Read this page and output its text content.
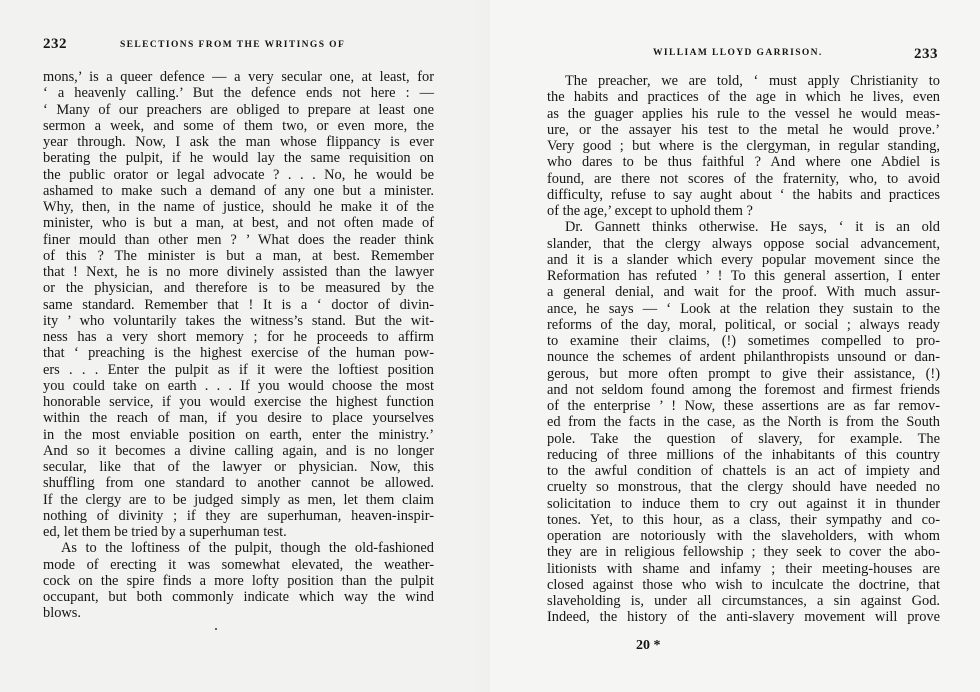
232	SELECTIONS FROM THE WRITINGS OF
mons,’ is a queer defence — a very secular one, at least, for
‘ a heavenly calling.’ But the defence ends not here : —
‘ Many of our preachers are obliged to prepare at least one
sermon a week, and some of them two, or even more, the
year through. Now, I ask the man whose flippancy is ever
berating the pulpit, if he would lay the same requisition on
the public orator or legal advocate ? . . . No, he would be
ashamed to make such a demand of any one but a minister.
Why, then, in the name of justice, should he make it of the
minister, who is but a man, at best, and not often made of
finer mould than other men ? ’ What does the reader think
of this ? The minister is but a man, at best. Remember
that ! Next, he is no more divinely assisted than the lawyer
or the physician, and therefore is to be measured by the
same standard. Remember that ! It is a ‘ doctor of divin-
ity ’ who voluntarily takes the witness’s stand. But the wit-
ness has a very short memory ; for he proceeds to affirm
that ‘ preaching is the highest exercise of the human pow-
ers . . . Enter the pulpit as if it were the loftiest position
you could take on earth . . . If you would choose the most
honorable service, if you would exercise the highest function
within the reach of man, if you desire to place yourselves
in the most enviable position on earth, enter the ministry.’
And so it becomes a divine calling again, and is no longer
secular, like that of the lawyer or physician. Now, this
shuffling from one standard to another cannot be allowed.
If the clergy are to be judged simply as men, let them claim
nothing of divinity ; if they are superhuman, heaven-inspir-
ed, let them be tried by a superhuman test.
As to the loftiness of the pulpit, though the old-fashioned
mode of erecting it was somewhat elevated, the weather-
cock on the spire finds a more lofty position than the pulpit
occupant, but both commonly indicate which way the wind
blows.
WILLIAM LLOYD GARRISON.	233
The preacher, we are told, ‘ must apply Christianity to
the habits and practices of the age in which he lives, even
as the guager applies his rule to the vessel he would meas-
ure, or the assayer his test to the metal he would prove.’
Very good ; but where is the clergyman, in regular standing,
who dares to be thus faithful ? And where one Abdiel is
found, are there not scores of the fraternity, who, to avoid
difficulty, refuse to say aught about ‘ the habits and practices
of the age,’ except to uphold them ?
Dr. Gannett thinks otherwise. He says, ‘ it is an old
slander, that the clergy always oppose social advancement,
and it is a slander which every popular movement since the
Reformation has refuted ’ ! To this general assertion, I enter
a general denial, and wait for the proof. With much assur-
ance, he says — ‘ Look at the relation they sustain to the
reforms of the day, moral, political, or social ; always ready
to examine their claims, (!) sometimes compelled to pro-
nounce the schemes of ardent philanthropists unsound or dan-
gerous, but more often prompt to give their assistance, (!)
and not seldom found among the foremost and firmest friends
of the enterprise ’ ! Now, these assertions are as far remov-
ed from the facts in the case, as the North is from the South
pole. Take the question of slavery, for example. The
reducing of three millions of the inhabitants of this country
to the awful condition of chattels is an act of impiety and
cruelty so monstrous, that the clergy should have needed no
solicitation to induce them to cry out against it in thunder
tones. Yet, to this hour, as a class, their sympathy and co-
operation are notoriously with the slaveholders, with whom
they are in religious fellowship ; they seek to cover the abo-
litionists with shame and infamy ; their meeting-houses are
closed against those who wish to inculcate the doctrine, that
slaveholding is, under all circumstances, a sin against God.
Indeed, the history of the anti-slavery movement will prove
20 *
